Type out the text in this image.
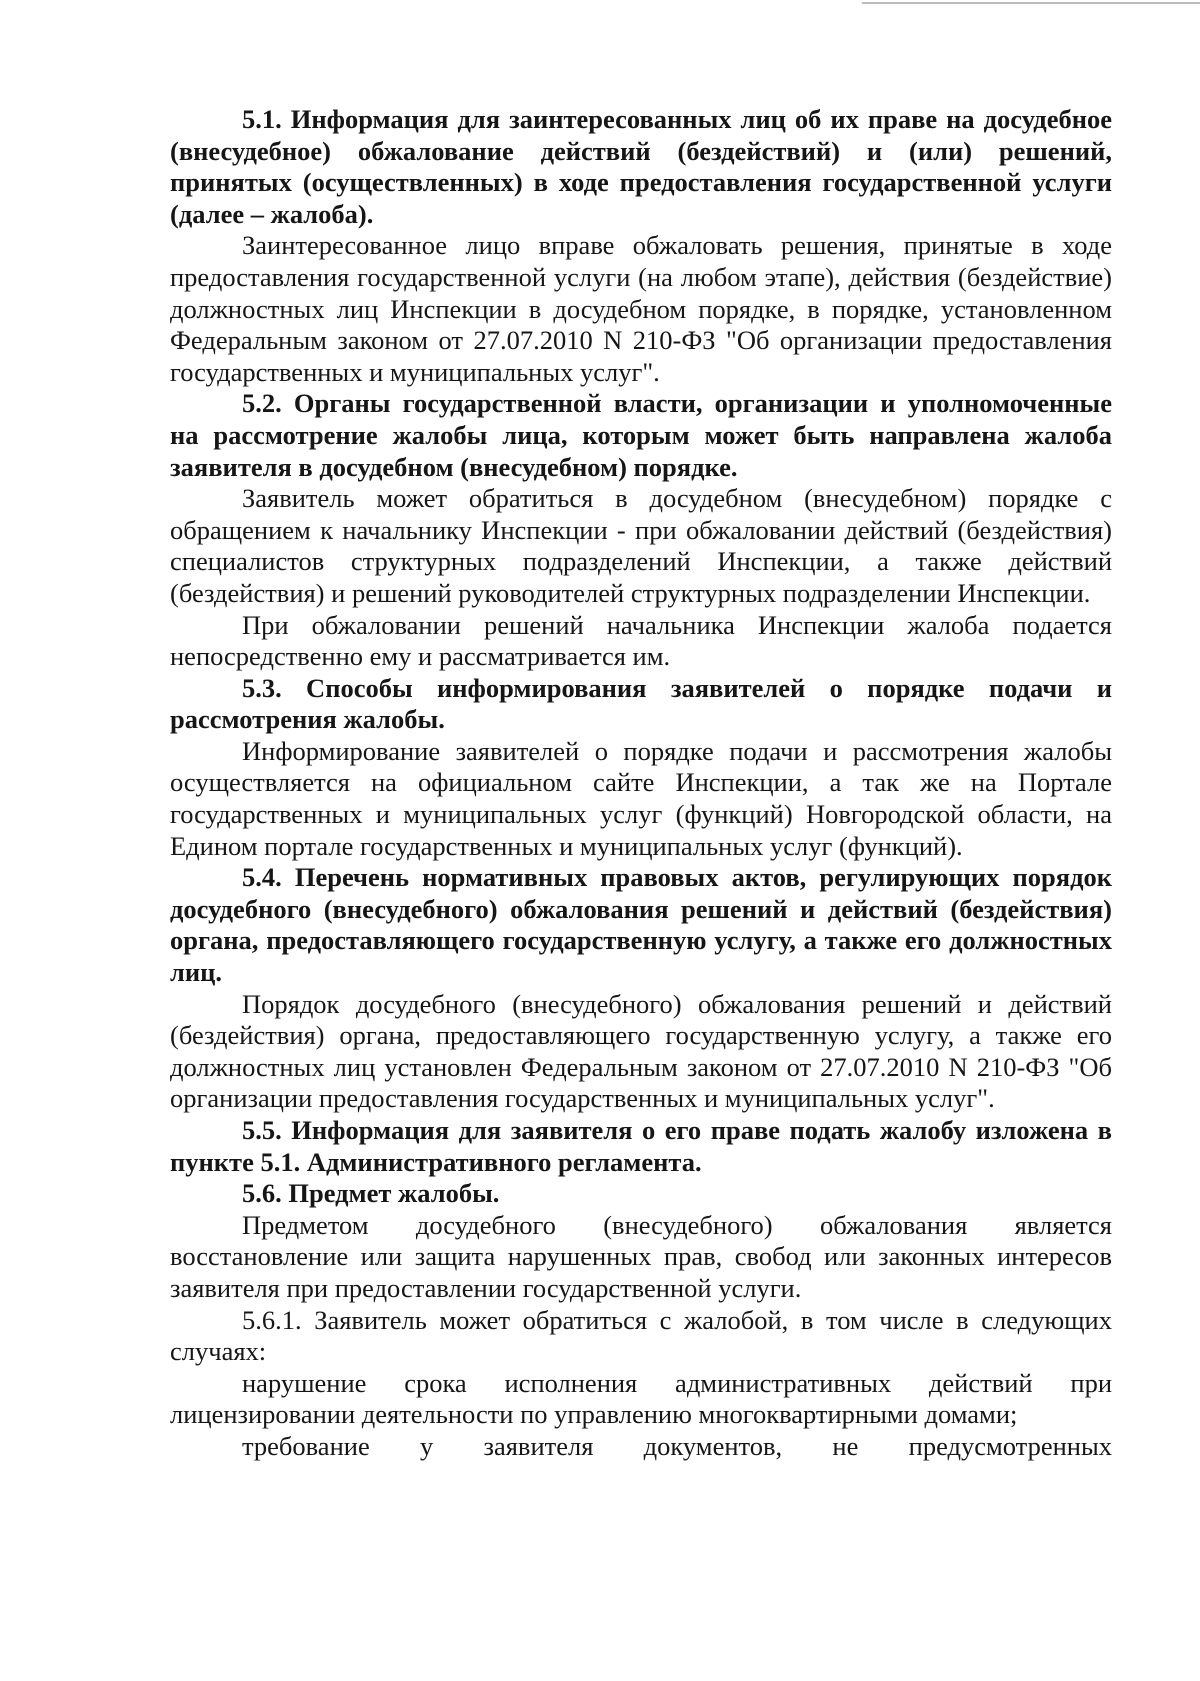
5.1. Информация для заинтересованных лиц об их праве на досудебное (внесудебное) обжалование действий (бездействий) и (или) решений, принятых (осуществленных) в ходе предоставления государственной услуги (далее – жалоба).

Заинтересованное лицо вправе обжаловать решения, принятые в ходе предоставления государственной услуги (на любом этапе), действия (бездействие) должностных лиц Инспекции в досудебном порядке, в порядке, установленном Федеральным законом от 27.07.2010 N 210-ФЗ "Об организации предоставления государственных и муниципальных услуг".

5.2. Органы государственной власти, организации и уполномоченные на рассмотрение жалобы лица, которым может быть направлена жалоба заявителя в досудебном (внесудебном) порядке.

Заявитель может обратиться в досудебном (внесудебном) порядке с обращением к начальнику Инспекции - при обжаловании действий (бездействия) специалистов структурных подразделений Инспекции, а также действий (бездействия) и решений руководителей структурных подразделении Инспекции.

При обжаловании решений начальника Инспекции жалоба подается непосредственно ему и рассматривается им.

5.3. Способы информирования заявителей о порядке подачи и рассмотрения жалобы.

Информирование заявителей о порядке подачи и рассмотрения жалобы осуществляется на официальном сайте Инспекции, а так же на Портале государственных и муниципальных услуг (функций) Новгородской области, на Едином портале государственных и муниципальных услуг (функций).

5.4. Перечень нормативных правовых актов, регулирующих порядок досудебного (внесудебного) обжалования решений и действий (бездействия) органа, предоставляющего государственную услугу, а также его должностных лиц.

Порядок досудебного (внесудебного) обжалования решений и действий (бездействия) органа, предоставляющего государственную услугу, а также его должностных лиц установлен Федеральным законом от 27.07.2010 N 210-ФЗ "Об организации предоставления государственных и муниципальных услуг".

5.5. Информация для заявителя о его праве подать жалобу изложена в пункте 5.1. Административного регламента.

5.6. Предмет жалобы.

Предметом досудебного (внесудебного) обжалования является восстановление или защита нарушенных прав, свобод или законных интересов заявителя при предоставлении государственной услуги.

5.6.1. Заявитель может обратиться с жалобой, в том числе в следующих случаях:

нарушение срока исполнения административных действий при лицензировании деятельности по управлению многоквартирными домами;

требование у заявителя документов, не предусмотренных
